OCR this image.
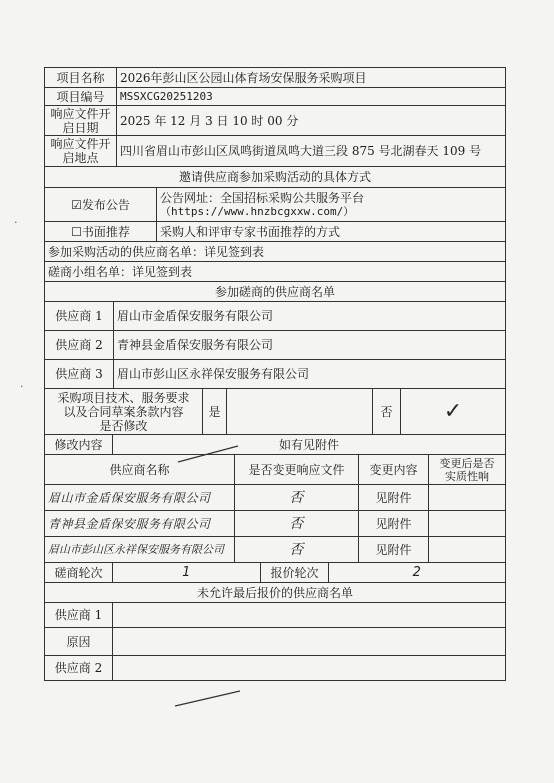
·
·
项目名称	2026年彭山区公园山体育场安保服务采购项目
项目编号	MSSXCG20251203
响应文件开启日期	2025 年 12 月 3 日 10 时 00 分
响应文件开启地点	四川省眉山市彭山区凤鸣街道凤鸣大道三段 875 号北湖春天 109 号
邀请供应商参加采购活动的具体方式
☑发布公告	公告网址：全国招标采购公共服务平台
（https://www.hnzbcgxxw.com/）
☐书面推荐	采购人和评审专家书面推荐的方式
参加采购活动的供应商名单：详见签到表
磋商小组名单：详见签到表
参加磋商的供应商名单
供应商 1	眉山市金盾保安服务有限公司
供应商 2	青神县金盾保安服务有限公司
供应商 3	眉山市彭山区永祥保安服务有限公司
采购项目技术、服务要求
以及合同草案条款内容
是否修改
是	否	✓
修改内容	如有见附件
供应商名称	是否变更响应文件	变更内容	变更后是否
实质性响
眉山市金盾保安服务有限公司	否	见附件
青神县金盾保安服务有限公司	否	见附件
眉山市彭山区永祥保安服务有限公司	否	见附件
磋商轮次	1	报价轮次	2
未允许最后报价的供应商名单
供应商 1
原因
供应商 2
